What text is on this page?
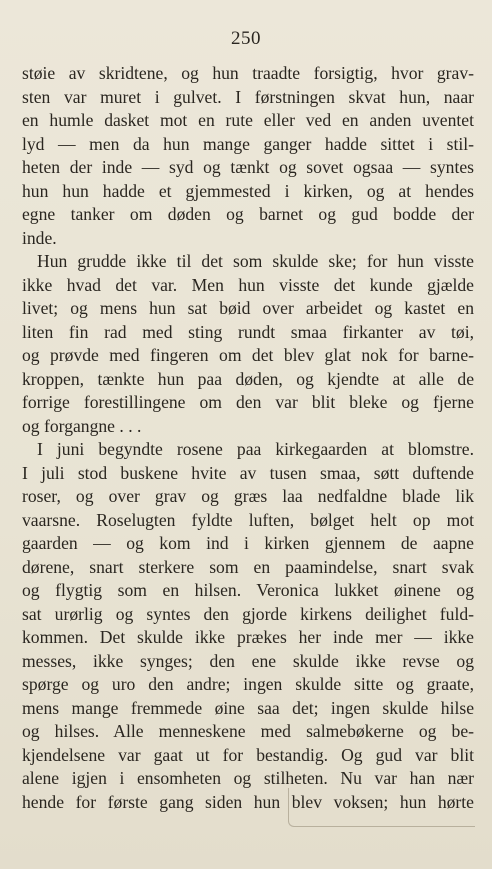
250
støie av skridtene, og hun traadte forsigtig, hvor grav-
sten var muret i gulvet. I førstningen skvat hun, naar
en humle dasket mot en rute eller ved en anden uventet
lyd — men da hun mange ganger hadde sittet i stil-
heten der inde — syd og tænkt og sovet ogsaa — syntes
hun hun hadde et gjemmested i kirken, og at hendes
egne tanker om døden og barnet og gud bodde der
inde.
Hun grudde ikke til det som skulde ske; for hun visste
ikke hvad det var. Men hun visste det kunde gjælde
livet; og mens hun sat bøid over arbeidet og kastet en
liten fin rad med sting rundt smaa firkanter av tøi,
og prøvde med fingeren om det blev glat nok for barne-
kroppen, tænkte hun paa døden, og kjendte at alle de
forrige forestillingene om den var blit bleke og fjerne
og forgangne . . .
I juni begyndte rosene paa kirkegaarden at blomstre.
I juli stod buskene hvite av tusen smaa, søtt duftende
roser, og over grav og græs laa nedfaldne blade lik
vaarsne. Roselugten fyldte luften, bølget helt op mot
gaarden — og kom ind i kirken gjennem de aapne
dørene, snart sterkere som en paamindelse, snart svak
og flygtig som en hilsen. Veronica lukket øinene og
sat urørlig og syntes den gjorde kirkens deilighet fuld-
kommen. Det skulde ikke prækes her inde mer — ikke
messes, ikke synges; den ene skulde ikke revse og
spørge og uro den andre; ingen skulde sitte og graate,
mens mange fremmede øine saa det; ingen skulde hilse
og hilses. Alle menneskene med salmebøkerne og be-
kjendelsene var gaat ut for bestandig. Og gud var blit
alene igjen i ensomheten og stilheten. Nu var han nær
hende for første gang siden hun blev voksen; hun hørte
